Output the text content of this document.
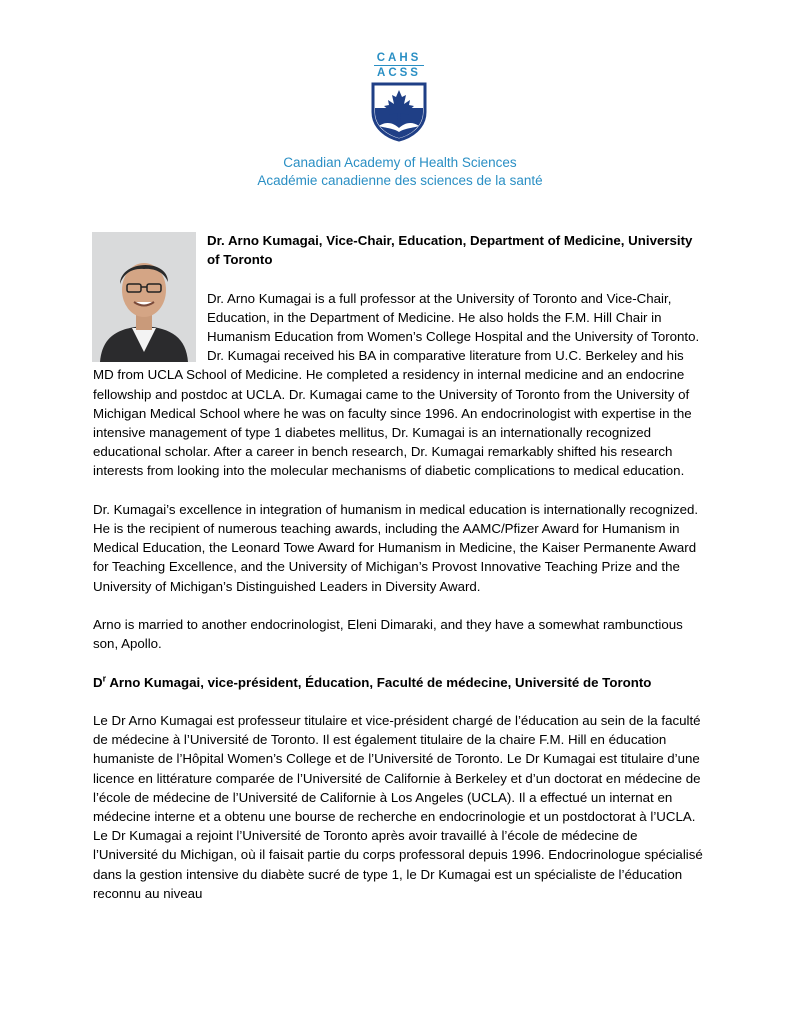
CAHS
ACSS
Canadian Academy of Health Sciences
Académie canadienne des sciences de la santé
Dr. Arno Kumagai, Vice-Chair, Education, Department of Medicine, University of Toronto

Dr. Arno Kumagai is a full professor at the University of Toronto and Vice-Chair, Education, in the Department of Medicine. He also holds the F.M. Hill Chair in Humanism Education from Women’s College Hospital and the University of Toronto. Dr. Kumagai received his BA in comparative literature from U.C. Berkeley and his MD from UCLA School of Medicine. He completed a residency in internal medicine and an endocrine fellowship and postdoc at UCLA. Dr. Kumagai came to the University of Toronto from the University of Michigan Medical School where he was on faculty since 1996. An endocrinologist with expertise in the intensive management of type 1 diabetes mellitus, Dr. Kumagai is an internationally recognized educational scholar. After a career in bench research, Dr. Kumagai remarkably shifted his research interests from looking into the molecular mechanisms of diabetic complications to medical education.

Dr. Kumagai’s excellence in integration of humanism in medical education is internationally recognized. He is the recipient of numerous teaching awards, including the AAMC/Pfizer Award for Humanism in Medical Education, the Leonard Towe Award for Humanism in Medicine, the Kaiser Permanente Award for Teaching Excellence, and the University of Michigan’s Provost Innovative Teaching Prize and the University of Michigan’s Distinguished Leaders in Diversity Award.

Arno is married to another endocrinologist, Eleni Dimaraki, and they have a somewhat rambunctious son, Apollo.

$D^r$ Arno Kumagai, vice-président, Éducation, Faculté de médecine, Université de Toronto

Le Dr Arno Kumagai est professeur titulaire et vice-président chargé de l’éducation au sein de la faculté de médecine à l’Université de Toronto. Il est également titulaire de la chaire F.M. Hill en éducation humaniste de l’Hôpital Women’s College et de l’Université de Toronto. Le Dr Kumagai est titulaire d’une licence en littérature comparée de l’Université de Californie à Berkeley et d’un doctorat en médecine de l’école de médecine de l’Université de Californie à Los Angeles (UCLA). Il a effectué un internat en médecine interne et a obtenu une bourse de recherche en endocrinologie et un postdoctorat à l’UCLA. Le Dr Kumagai a rejoint l’Université de Toronto après avoir travaillé à l’école de médecine de l’Université du Michigan, où il faisait partie du corps professoral depuis 1996. Endocrinologue spécialisé dans la gestion intensive du diabète sucré de type 1, le Dr Kumagai est un spécialiste de l’éducation reconnu au niveau
